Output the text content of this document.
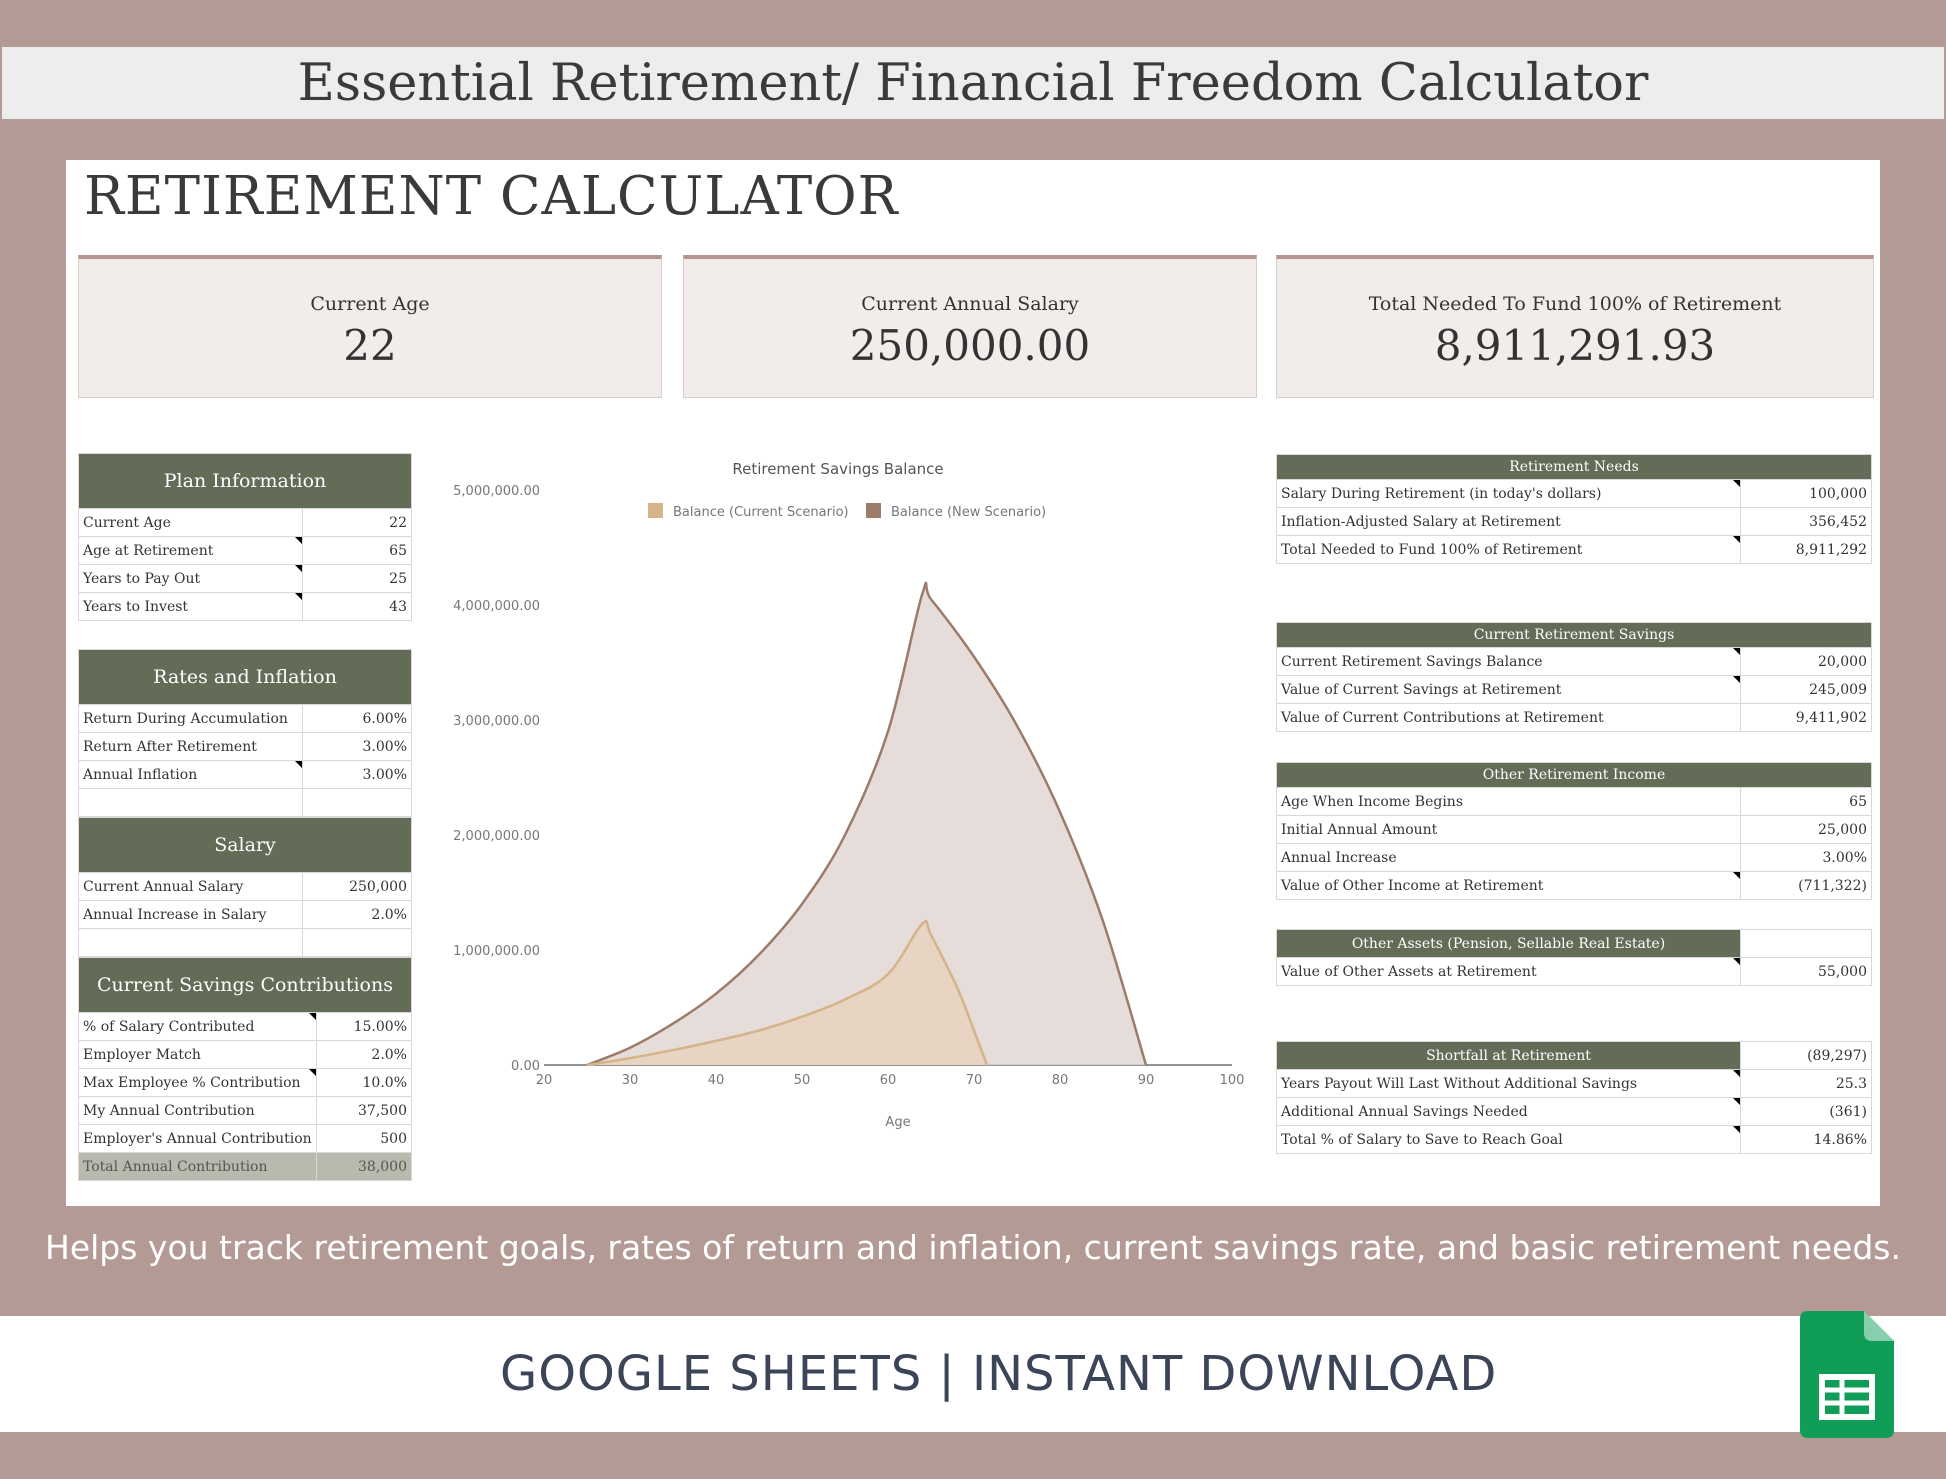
Essential Retirement/ Financial Freedom Calculator
RETIREMENT CALCULATOR
Current Age
22
Current Annual Salary
250,000.00
Total Needed To Fund 100% of Retirement
8,911,291.93
Plan Information	
Current Age	22
Age at Retirement	65
Years to Pay Out	25
Years to Invest	43
Rates and Inflation	
Return During Accumulation	6.00%
Return After Retirement	3.00%
Annual Inflation	3.00%

Salary	
Current Annual Salary	250,000
Annual Increase in Salary	2.0%

Current Savings Contributions	
% of Salary Contributed	15.00%
Employer Match	2.0%
Max Employee % Contribution	10.0%
My Annual Contribution	37,500
Employer's Annual Contribution	500
Total Annual Contribution	38,000
Retirement Needs	
Salary During Retirement (in today's dollars)	100,000
Inflation-Adjusted Salary at Retirement	356,452
Total Needed to Fund 100% of Retirement	8,911,292
Current Retirement Savings	
Current Retirement Savings Balance	20,000
Value of Current Savings at Retirement	245,009
Value of Current Contributions at Retirement	9,411,902
Other Retirement Income	
Age When Income Begins	65
Initial Annual Amount	25,000
Annual Increase	3.00%
Value of Other Income at Retirement	(711,322)
Other Assets (Pension, Sellable Real Estate)	
Value of Other Assets at Retirement	55,000
Shortfall at Retirement	(89,297)
Years Payout Will Last Without Additional Savings	25.3
Additional Annual Savings Needed	(361)
Total % of Salary to Save to Reach Goal	14.86%
Retirement Savings Balance
Balance (Current Scenario)	Balance (New Scenario)
0.00
1,000,000.00
2,000,000.00
3,000,000.00
4,000,000.00
5,000,000.00
20	30	40	50	60	70	80	90	100
Age
Helps you track retirement goals, rates of return and inflation, current savings rate, and basic retirement needs.
GOOGLE SHEETS | INSTANT DOWNLOAD
